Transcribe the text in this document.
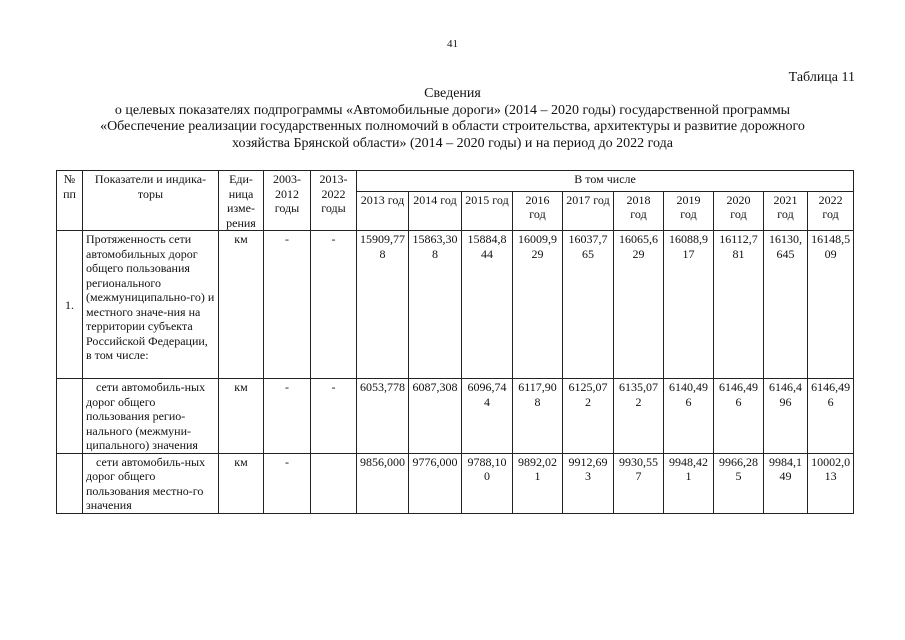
41
Таблица 11
Сведения
о целевых показателях подпрограммы «Автомобильные дороги» (2014 – 2020 годы) государственной программы
«Обеспечение реализации государственных полномочий в области строительства, архитектуры и развитие дорожного
хозяйства Брянской области» (2014 – 2020 годы) и на период до 2022 года
№ пп	Показатели и индика-торы	Еди-ница изме-рения	2003-2012 годы	2013-2022 годы	В том числе									
					2013 год	2014 год	2015 год	2016 год	2017 год	2018 год	2019 год	2020 год	2021 год	2022 год
1.	Протяженность сети автомобильных дорог общего пользования регионального (межмуниципально-го) и местного значе-ния на территории субъекта Российской Федерации, в том числе:	км	-	-	15909,778	15863,308	15884,844	16009,929	16037,765	16065,629	16088,917	16112,781	16130,645	16148,509
	сети автомобиль-ных дорог общего пользования регио-нального (межмуни-ципального) значения	км	-	-	6053,778	6087,308	6096,744	6117,908	6125,072	6135,072	6140,496	6146,496	6146,496	6146,496
	сети автомобиль-ных дорог общего пользования местно-го значения	км	-		9856,000	9776,000	9788,100	9892,021	9912,693	9930,557	9948,421	9966,285	9984,149	10002,013
